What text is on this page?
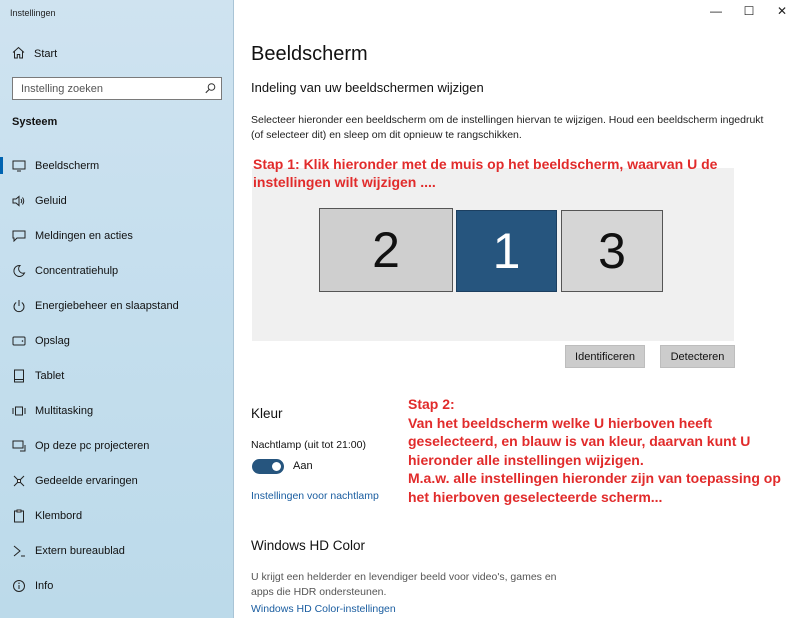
Instellingen
Start
Instelling zoeken
Systeem
Beeldscherm
Geluid
Meldingen en acties
Concentratiehulp
Energiebeheer en slaapstand
Opslag
Tablet
Multitasking
Op deze pc projecteren
Gedeelde ervaringen
Klembord
Extern bureaublad
Info
—	☐	✕
Beeldscherm
Indeling van uw beeldschermen wijzigen
Selecteer hieronder een beeldscherm om de instellingen hiervan te wijzigen. Houd een beeldscherm ingedrukt (of selecteer dit) en sleep om dit opnieuw te rangschikken.
2	1	3
Stap 1: Klik hieronder met de muis op het beeldscherm, waarvan U de instellingen wilt wijzigen ....
Identificeren	Detecteren
Stap 2:
Van het beeldscherm welke U hierboven heeft geselecteerd, en blauw is van kleur, daarvan kunt U hieronder alle instellingen wijzigen.
M.a.w. alle instellingen hieronder zijn van toepassing op het hierboven geselecteerde scherm...
Kleur
Nachtlamp (uit tot 21:00)
Aan
Instellingen voor nachtlamp
Windows HD Color
U krijgt een helderder en levendiger beeld voor video's, games en apps die HDR ondersteunen.
Windows HD Color-instellingen
